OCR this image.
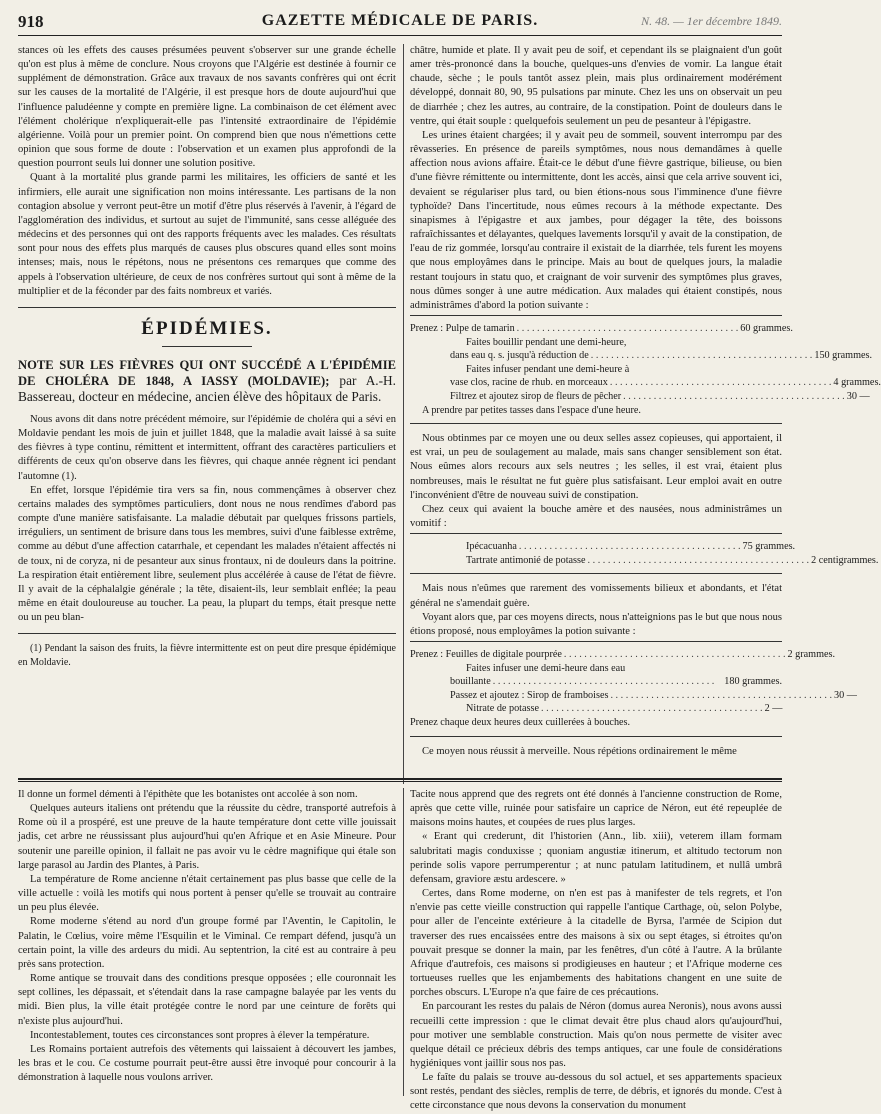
918	GAZETTE MÉDICALE DE PARIS.	N. 48. — 1er décembre 1849.

stances où les effets des causes présumées peuvent s'observer sur une grande échelle qu'on est plus à même de conclure. Nous croyons que l'Algérie est destinée à fournir ce supplément de démonstration. Grâce aux travaux de nos savants confrères qui ont écrit sur les causes de la mortalité de l'Algérie, il est presque hors de doute aujourd'hui que l'influence paludéenne y compte en première ligne. La combinaison de cet élément avec l'élément cholérique n'expliquerait-elle pas l'intensité extraordinaire de l'épidémie algérienne. Voilà pour un premier point. On comprend bien que nous n'émettions cette opinion que sous forme de doute : l'observation et un examen plus approfondi de la question pourront seuls lui donner une solution positive.

Quant à la mortalité plus grande parmi les militaires, les officiers de santé et les infirmiers, elle aurait une signification non moins intéressante. Les partisans de la non contagion absolue y verront peut-être un motif d'être plus réservés à l'avenir, à l'égard de l'agglomération des individus, et surtout au sujet de l'immunité, sans cesse alléguée des médecins et des personnes qui ont des rapports fréquents avec les malades. Ces résultats sont pour nous des effets plus marqués de causes plus obscures quand elles sont moins intenses; mais, nous le répétons, nous ne présentons ces remarques que comme des appels à l'observation ultérieure, de ceux de nos confrères surtout qui sont à même de la multiplier et de la féconder par des faits nombreux et variés.

ÉPIDÉMIES.
NOTE SUR LES FIÈVRES QUI ONT SUCCÉDÉ A L'ÉPIDÉMIE DE CHOLÉRA DE 1848, A IASSY (MOLDAVIE); par A.-H. Bassereau, docteur en médecine, ancien élève des hôpitaux de Paris.

Nous avons dit dans notre précédent mémoire, sur l'épidémie de choléra qui a sévi en Moldavie pendant les mois de juin et juillet 1848, que la maladie avait laissé à sa suite des fièvres à type continu, rémittent et intermittent, offrant des caractères particuliers et différents de ceux qu'on observe dans les fièvres, qui chaque année règnent ici pendant l'automne (1).

En effet, lorsque l'épidémie tira vers sa fin, nous commençâmes à observer chez certains malades des symptômes particuliers, dont nous ne nous rendîmes d'abord pas compte d'une manière satisfaisante. La maladie débutait par quelques frissons partiels, irréguliers, un sentiment de brisure dans tous les membres, suivi d'une faiblesse extrême, comme au début d'une affection catarrhale, et cependant les malades n'étaient affectés ni de toux, ni de coryza, ni de pesanteur aux sinus frontaux, ni de douleurs dans la poitrine. La respiration était entièrement libre, seulement plus accélérée à cause de l'état de fièvre. Il y avait de la céphalalgie générale ; la tête, disaient-ils, leur semblait enflée; la peau même en était douloureuse au toucher. La peau, la plupart du temps, était presque nette ou un peu blan-

(1) Pendant la saison des fruits, la fièvre intermittente est on peut dire presque épidémique en Moldavie.

châtre, humide et plate. Il y avait peu de soif, et cependant ils se plaignaient d'un goût amer très-prononcé dans la bouche, quelques-uns d'envies de vomir. La langue était chaude, sèche ; le pouls tantôt assez plein, mais plus ordinairement modérément développé, donnait 80, 90, 95 pulsations par minute. Chez les uns on observait un peu de diarrhée ; chez les autres, au contraire, de la constipation. Point de douleurs dans le ventre, qui était souple : quelquefois seulement un peu de pesanteur à l'épigastre.

Les urines étaient chargées; il y avait peu de sommeil, souvent interrompu par des rêvasseries. En présence de pareils symptômes, nous nous demandâmes à quelle affection nous avions affaire. Était-ce le début d'une fièvre gastrique, bilieuse, ou bien d'une fièvre rémittente ou intermittente, dont les accès, ainsi que cela arrive souvent ici, devaient se régulariser plus tard, ou bien étions-nous sous l'imminence d'une fièvre typhoïde? Dans l'incertitude, nous eûmes recours à la méthode expectante. Des sinapismes à l'épigastre et aux jambes, pour dégager la tête, des boissons rafraîchissantes et délayantes, quelques lavements lorsqu'il y avait de la constipation, de l'eau de riz gommée, lorsqu'au contraire il existait de la diarrhée, tels furent les moyens que nous employâmes dans le principe. Mais au bout de quelques jours, la maladie restant toujours in statu quo, et craignant de voir survenir des symptômes plus graves, nous dûmes songer à une autre médication. Aux malades qui étaient constipés, nous administrâmes d'abord la potion suivante :

Prenez : Pulpe de tamarin . . .	60 grammes.
Faites bouillir pendant une demi-heure,
dans eau q. s. jusqu'à réduction de . . .	150 grammes.
Faites infuser pendant une demi-heure à
vase clos, racine de rhub. en morceaux . . .	4 grammes.
Filtrez et ajoutez sirop de fleurs de pêcher . . .	30 —
A prendre par petites tasses dans l'espace d'une heure.

Nous obtinmes par ce moyen une ou deux selles assez copieuses, qui apportaient, il est vrai, un peu de soulagement au malade, mais sans changer sensiblement son état. Nous eûmes alors recours aux sels neutres ; les selles, il est vrai, étaient plus nombreuses, mais le résultat ne fut guère plus satisfaisant. Leur emploi avait en outre l'inconvénient d'être de nouveau suivi de constipation.

Chez ceux qui avaient la bouche amère et des nausées, nous administrâmes un vomitif :

Ipécacuanha . . .	75 grammes.
Tartrate antimonié de potasse . . .	2 centigrammes.

Mais nous n'eûmes que rarement des vomissements bilieux et abondants, et l'état général ne s'amendait guère.

Voyant alors que, par ces moyens directs, nous n'atteignions pas le but que nous nous étions proposé, nous employâmes la potion suivante :

Prenez : Feuilles de digitale pourprée . . .	2 grammes.
Faites infuser une demi-heure dans eau
bouillante . . .	180 grammes.
Passez et ajoutez : Sirop de framboises . . .	30 —
Nitrate de potasse . . .	2 —
Prenez chaque deux heures deux cuillerées à bouches.

Ce moyen nous réussit à merveille. Nous répétions ordinairement le même

Il donne un formel démenti à l'épithète que les botanistes ont accolée à son nom.

Quelques auteurs italiens ont prétendu que la réussite du cèdre, transporté autrefois à Rome où il a prospéré, est une preuve de la haute température dont cette ville jouissait jadis, cet arbre ne réussissant plus aujourd'hui qu'en Afrique et en Asie Mineure. Pour soutenir une pareille opinion, il fallait ne pas avoir vu le cèdre magnifique qui étale son large parasol au Jardin des Plantes, à Paris.

La température de Rome ancienne n'était certainement pas plus basse que celle de la ville actuelle : voilà les motifs qui nous portent à penser qu'elle se trouvait au contraire un peu plus élevée.

Rome moderne s'étend au nord d'un groupe formé par l'Aventin, le Capitolin, le Palatin, le Cœlius, voire même l'Esquilin et le Viminal. Ce rempart défend, jusqu'à un certain point, la ville des ardeurs du midi. Au septentrion, la cité est au contraire à peu près sans protection.

Rome antique se trouvait dans des conditions presque opposées ; elle couronnait les sept collines, les dépassait, et s'étendait dans la rase campagne balayée par les vents du midi. Bien plus, la ville était protégée contre le nord par une ceinture de forêts qui n'existe plus aujourd'hui.

Incontestablement, toutes ces circonstances sont propres à élever la température.

Les Romains portaient autrefois des vêtements qui laissaient à découvert les jambes, les bras et le cou. Ce costume pourrait peut-être aussi être invoqué pour concourir à la démonstration à laquelle nous voulons arriver.

Tacite nous apprend que des regrets ont été donnés à l'ancienne construction de Rome, après que cette ville, ruinée pour satisfaire un caprice de Néron, eut été repeuplée de maisons moins hautes, et coupées de rues plus larges.

« Erant qui crederunt, dit l'historien (Ann., lib. xiii), veterem illam formam salubritati magis conduxisse ; quoniam angustiæ itinerum, et altitudo tectorum non perinde solis vapore perrumperentur ; at nunc patulam latitudinem, et nullâ umbrâ defensam, graviore æstu ardescere. »

Certes, dans Rome moderne, on n'en est pas à manifester de tels regrets, et l'on n'envie pas cette vieille construction qui rappelle l'antique Carthage, où, selon Polybe, pour aller de l'enceinte extérieure à la citadelle de Byrsa, l'armée de Scipion dut traverser des rues encaissées entre des maisons à six ou sept étages, si étroites qu'on pouvait presque se donner la main, par les fenêtres, d'un côté à l'autre. A la brûlante Afrique d'autrefois, ces maisons si prodigieuses en hauteur ; et l'Afrique moderne ces tortueuses ruelles que les enjambements des habitations changent en une suite de porches obscurs. L'Europe n'a que faire de ces précautions.

En parcourant les restes du palais de Néron (domus aurea Neronis), nous avons aussi recueilli cette impression : que le climat devait être plus chaud alors qu'aujourd'hui, pour motiver une semblable construction. Mais qu'on nous permette de visiter avec quelque détail ce précieux débris des temps antiques, car une foule de considérations hygiéniques vont jaillir sous nos pas.

Le faîte du palais se trouve au-dessous du sol actuel, et ses appartements spacieux sont restés, pendant des siècles, remplis de terre, de débris, et ignorés du monde. C'est à cette circonstance que nous devons la conservation du monument
